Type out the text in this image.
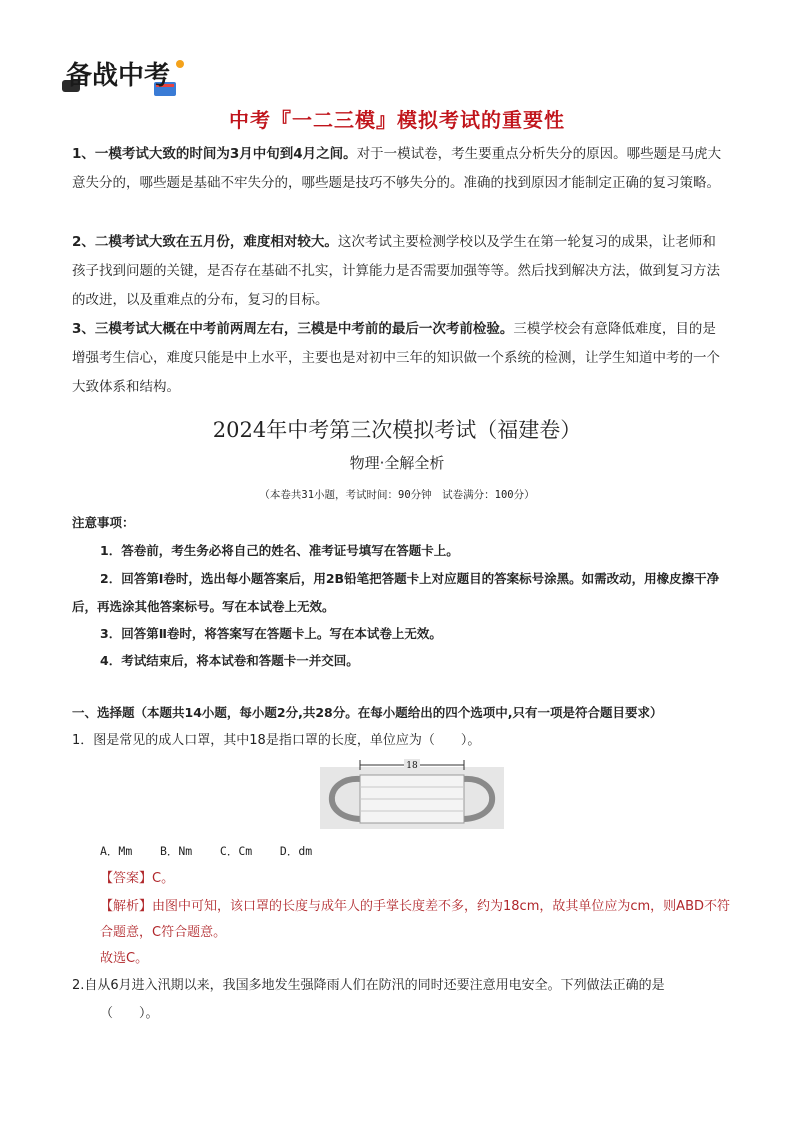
备战中考
中考『一二三模』模拟考试的重要性
1、一模考试大致的时间为3月中旬到4月之间。对于一模试卷，考生要重点分析失分的原因。哪些题是马虎大意失分的，哪些题是基础不牢失分的，哪些题是技巧不够失分的。准确的找到原因才能制定正确的复习策略。
2、二模考试大致在五月份，难度相对较大。这次考试主要检测学校以及学生在第一轮复习的成果，让老师和孩子找到问题的关键，是否存在基础不扎实，计算能力是否需要加强等等。然后找到解决方法，做到复习方法的改进，以及重难点的分布，复习的目标。
3、三模考试大概在中考前两周左右，三模是中考前的最后一次考前检验。三模学校会有意降低难度，目的是增强考生信心，难度只能是中上水平，主要也是对初中三年的知识做一个系统的检测，让学生知道中考的一个大致体系和结构。
2024年中考第三次模拟考试（福建卷）
物理·全解全析
（本卷共31小题，考试时间：90分钟　试卷满分：100分）
注意事项：
1．答卷前，考生务必将自己的姓名、准考证号填写在答题卡上。
2．回答第Ⅰ卷时，选出每小题答案后，用2B铅笔把答题卡上对应题目的答案标号涂黑。如需改动，用橡皮擦干净后，再选涂其他答案标号。写在本试卷上无效。
3．回答第Ⅱ卷时，将答案写在答题卡上。写在本试卷上无效。
4．考试结束后，将本试卷和答题卡一并交回。
一、选择题（本题共14小题，每小题2分,共28分。在每小题给出的四个选项中,只有一项是符合题目要求）
1．图是常见的成人口罩，其中18是指口罩的长度，单位应为（　　）。
18
A．Mm    B．Nm    C．Cm    D．dm
【答案】C。
【解析】由图中可知，该口罩的长度与成年人的手掌长度差不多，约为18cm，故其单位应为cm，则ABD不符合题意，C符合题意。
故选C。
2.自从6月进入汛期以来，我国多地发生强降雨人们在防汛的同时还要注意用电安全。下列做法正确的是
（　　）。
